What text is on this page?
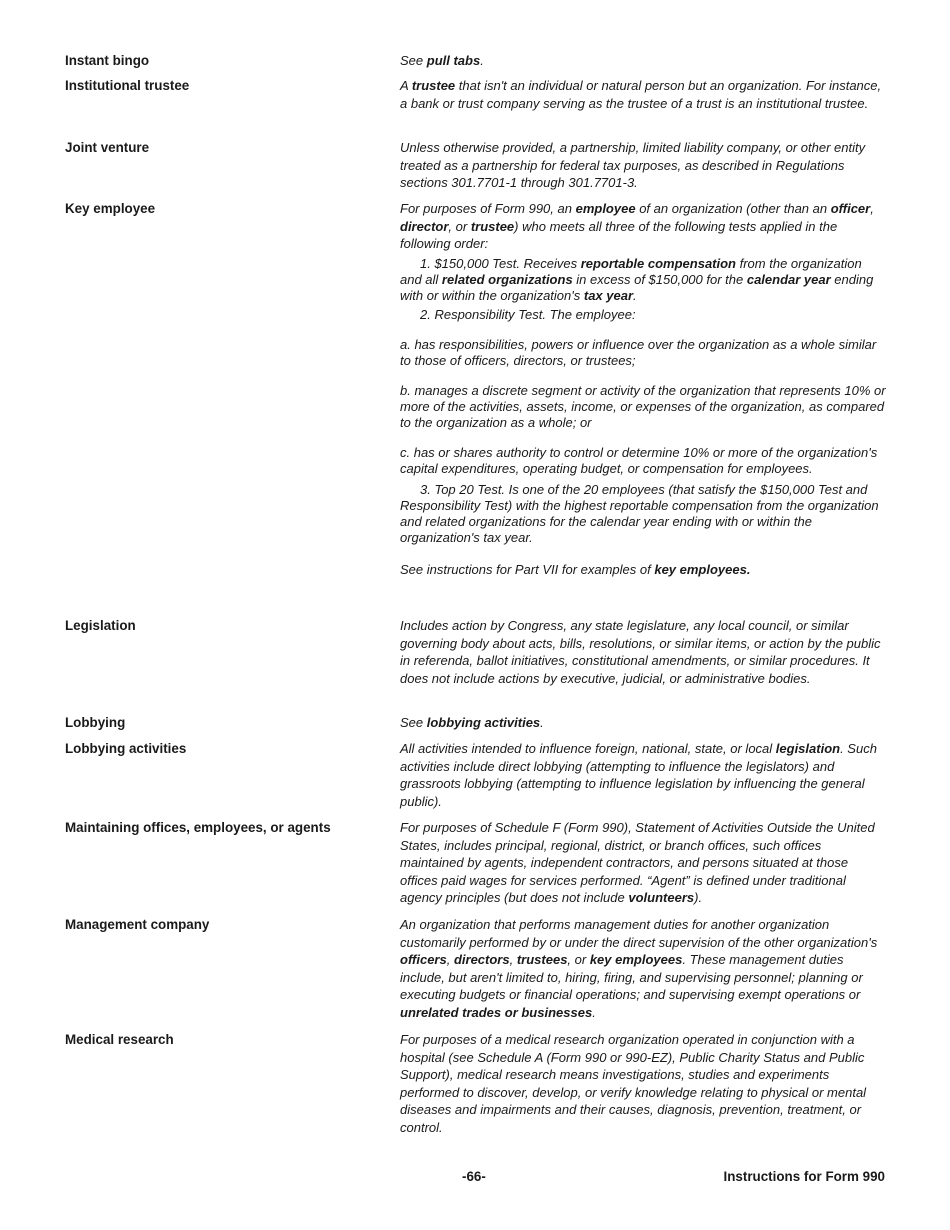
Instant bingo	See pull tabs.
Institutional trustee	A trustee that isn't an individual or natural person but an organization. For instance, a bank or trust company serving as the trustee of a trust is an institutional trustee.
Joint venture	Unless otherwise provided, a partnership, limited liability company, or other entity treated as a partnership for federal tax purposes, as described in Regulations sections 301.7701-1 through 301.7701-3.
Key employee	For purposes of Form 990, an employee of an organization (other than an officer, director, or trustee) who meets all three of the following tests applied in the following order:

1. $150,000 Test. Receives reportable compensation from the organization and all related organizations in excess of $150,000 for the calendar year ending with or within the organization's tax year.

2. Responsibility Test. The employee:

a. has responsibilities, powers or influence over the organization as a whole similar to those of officers, directors, or trustees;

b. manages a discrete segment or activity of the organization that represents 10% or more of the activities, assets, income, or expenses of the organization, as compared to the organization as a whole; or

c. has or shares authority to control or determine 10% or more of the organization's capital expenditures, operating budget, or compensation for employees.

3. Top 20 Test. Is one of the 20 employees (that satisfy the $150,000 Test and Responsibility Test) with the highest reportable compensation from the organization and related organizations for the calendar year ending with or within the organization's tax year.

See instructions for Part VII for examples of key employees.

Legislation	Includes action by Congress, any state legislature, any local council, or similar governing body about acts, bills, resolutions, or similar items, or action by the public in referenda, ballot initiatives, constitutional amendments, or similar procedures. It does not include actions by executive, judicial, or administrative bodies.
Lobbying	See lobbying activities.
Lobbying activities	All activities intended to influence foreign, national, state, or local legislation. Such activities include direct lobbying (attempting to influence the legislators) and grassroots lobbying (attempting to influence legislation by influencing the general public).
Maintaining offices, employees, or agents	For purposes of Schedule F (Form 990), Statement of Activities Outside the United States, includes principal, regional, district, or branch offices, such offices maintained by agents, independent contractors, and persons situated at those offices paid wages for services performed. “Agent” is defined under traditional agency principles (but does not include volunteers).
Management company	An organization that performs management duties for another organization customarily performed by or under the direct supervision of the other organization's officers, directors, trustees, or key employees. These management duties include, but aren't limited to, hiring, firing, and supervising personnel; planning or executing budgets or financial operations; and supervising exempt operations or unrelated trades or businesses.
Medical research	For purposes of a medical research organization operated in conjunction with a hospital (see Schedule A (Form 990 or 990-EZ), Public Charity Status and Public Support), medical research means investigations, studies and experiments performed to discover, develop, or verify knowledge relating to physical or mental diseases and impairments and their causes, diagnosis, prevention, treatment, or control.
-66-	Instructions for Form 990
